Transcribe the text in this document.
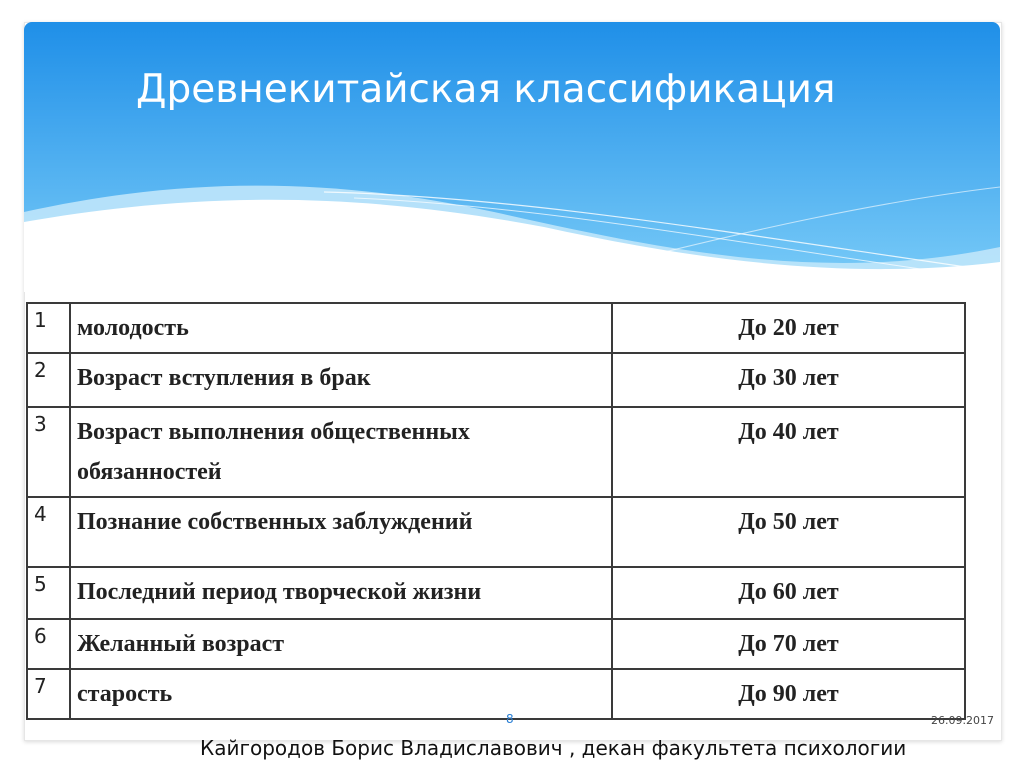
Древнекитайская классификация
1	молодость	До 20 лет
2	Возраст вступления в брак	До 30 лет
3	Возраст выполнения общественных обязанностей	До 40 лет
4	Познание собственных заблуждений	До 50 лет
5	Последний период творческой жизни	До 60 лет
6	Желанный возраст	До 70 лет
7	старость	До 90 лет
8	26.09.2017
Кайгородов Борис Владиславович , декан факультета психологии
